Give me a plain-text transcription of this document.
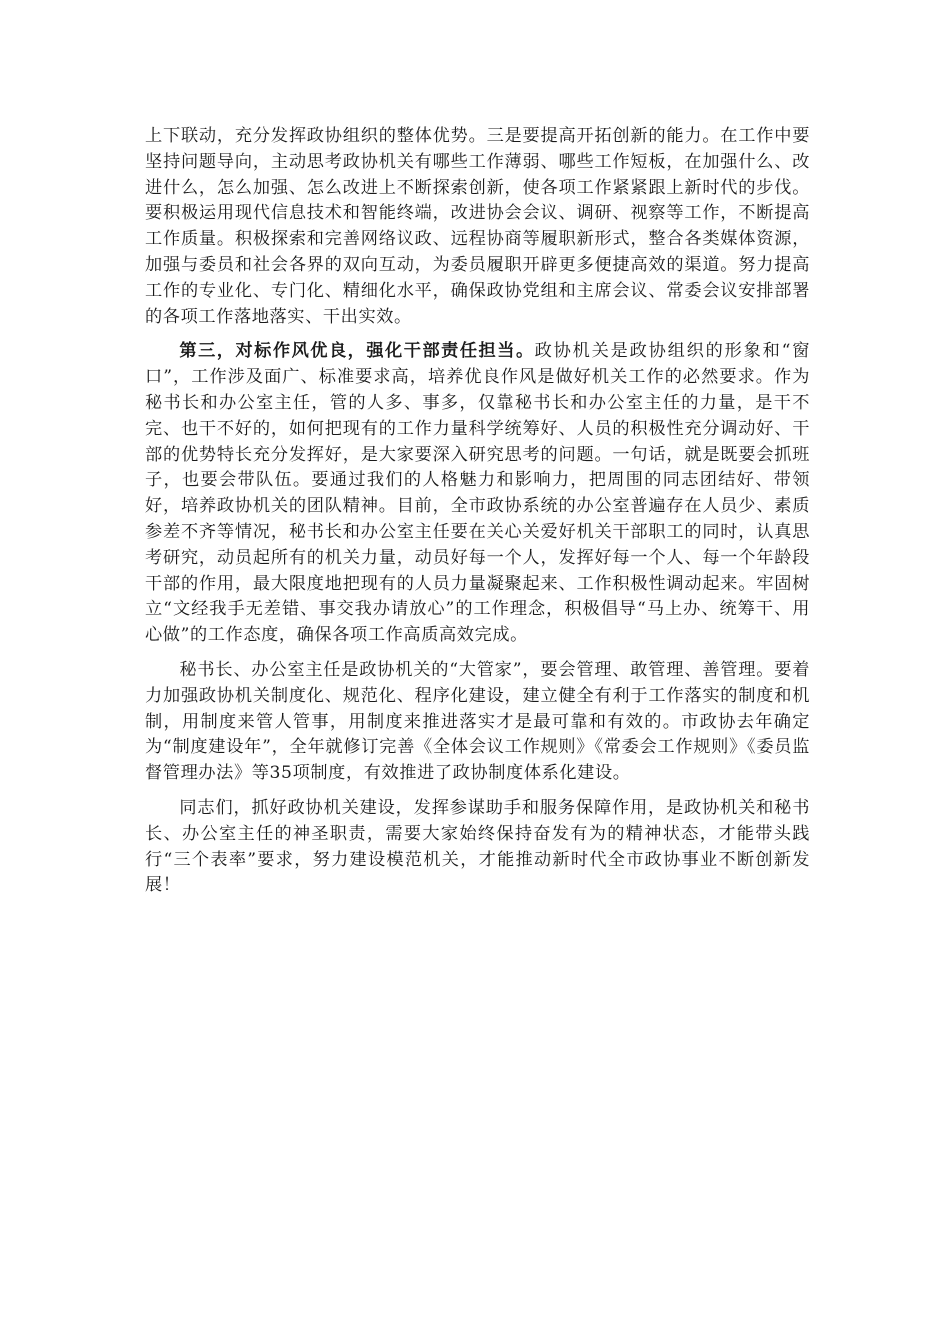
上下联动，充分发挥政协组织的整体优势。三是要提高开拓创新的能力。在工作中要坚持问题导向，主动思考政协机关有哪些工作薄弱、哪些工作短板，在加强什么、改进什么，怎么加强、怎么改进上不断探索创新，使各项工作紧紧跟上新时代的步伐。要积极运用现代信息技术和智能终端，改进协会会议、调研、视察等工作，不断提高工作质量。积极探索和完善网络议政、远程协商等履职新形式，整合各类媒体资源，加强与委员和社会各界的双向互动，为委员履职开辟更多便捷高效的渠道。努力提高工作的专业化、专门化、精细化水平，确保政协党组和主席会议、常委会议安排部署的各项工作落地落实、干出实效。

第三，对标作风优良，强化干部责任担当。政协机关是政协组织的形象和“窗口”，工作涉及面广、标准要求高，培养优良作风是做好机关工作的必然要求。作为秘书长和办公室主任，管的人多、事多，仅靠秘书长和办公室主任的力量，是干不完、也干不好的，如何把现有的工作力量科学统筹好、人员的积极性充分调动好、干部的优势特长充分发挥好，是大家要深入研究思考的问题。一句话，就是既要会抓班子，也要会带队伍。要通过我们的人格魅力和影响力，把周围的同志团结好、带领好，培养政协机关的团队精神。目前，全市政协系统的办公室普遍存在人员少、素质参差不齐等情况，秘书长和办公室主任要在关心关爱好机关干部职工的同时，认真思考研究，动员起所有的机关力量，动员好每一个人，发挥好每一个人、每一个年龄段干部的作用，最大限度地把现有的人员力量凝聚起来、工作积极性调动起来。牢固树立“文经我手无差错、事交我办请放心”的工作理念，积极倡导“马上办、统筹干、用心做”的工作态度，确保各项工作高质高效完成。

秘书长、办公室主任是政协机关的“大管家”，要会管理、敢管理、善管理。要着力加强政协机关制度化、规范化、程序化建设，建立健全有利于工作落实的制度和机制，用制度来管人管事，用制度来推进落实才是最可靠和有效的。市政协去年确定为“制度建设年”，全年就修订完善《全体会议工作规则》《常委会工作规则》《委员监督管理办法》等35项制度，有效推进了政协制度体系化建设。

同志们，抓好政协机关建设，发挥参谋助手和服务保障作用，是政协机关和秘书长、办公室主任的神圣职责，需要大家始终保持奋发有为的精神状态，才能带头践行“三个表率”要求，努力建设模范机关，才能推动新时代全市政协事业不断创新发展！
